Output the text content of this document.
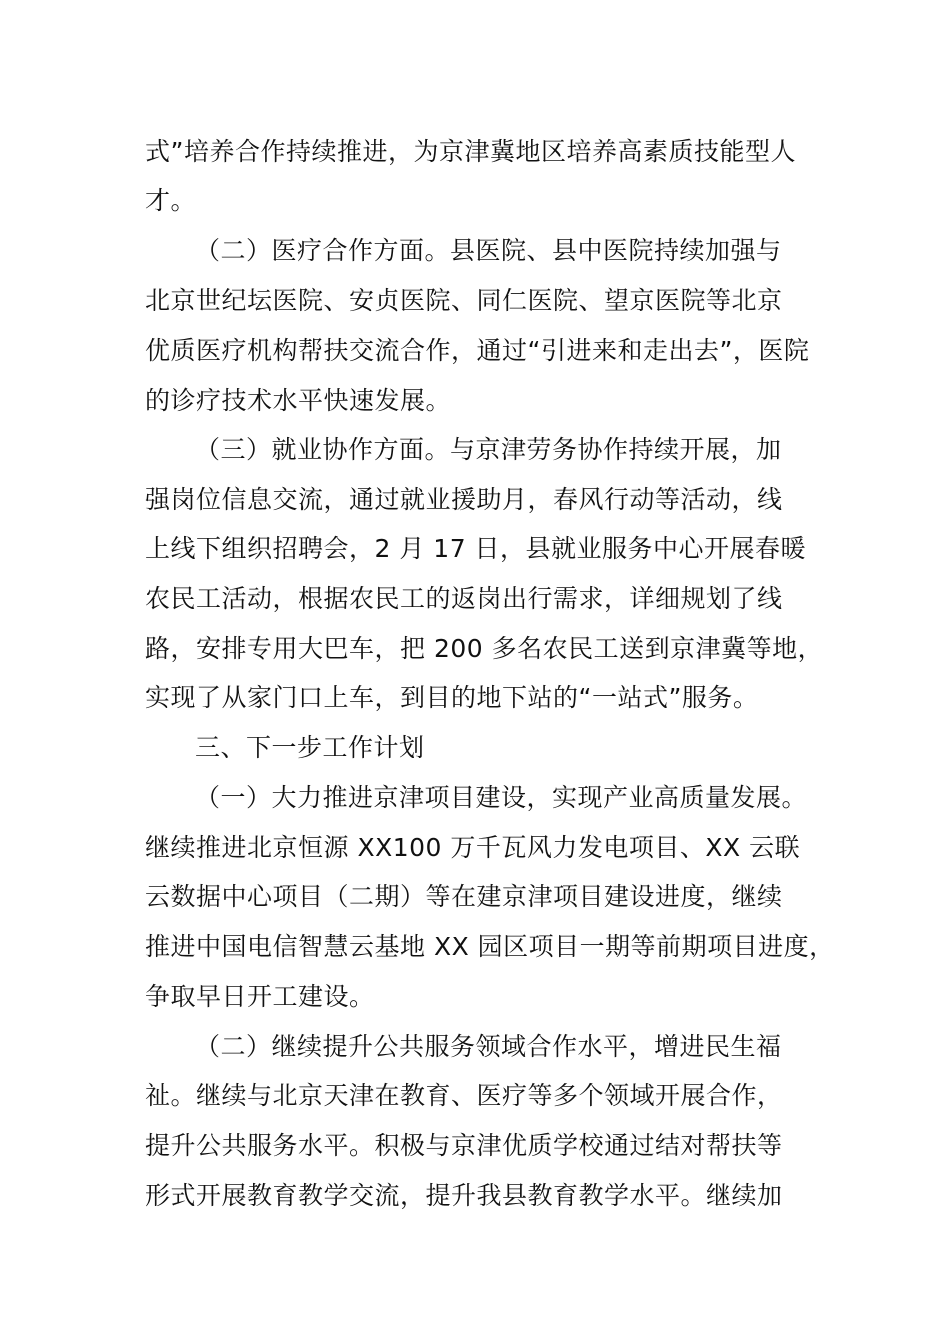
式”培养合作持续推进，为京津冀地区培养高素质技能型人
才。
（二）医疗合作方面。县医院、县中医院持续加强与
北京世纪坛医院、安贞医院、同仁医院、望京医院等北京
优质医疗机构帮扶交流合作，通过“引进来和走出去”，医院
的诊疗技术水平快速发展。
（三）就业协作方面。与京津劳务协作持续开展，加
强岗位信息交流，通过就业援助月，春风行动等活动，线
上线下组织招聘会，2 月 17 日，县就业服务中心开展春暖
农民工活动，根据农民工的返岗出行需求，详细规划了线
路，安排专用大巴车，把 200 多名农民工送到京津冀等地，
实现了从家门口上车，到目的地下站的“一站式”服务。
三、下一步工作计划
（一）大力推进京津项目建设，实现产业高质量发展。
继续推进北京恒源 XX100 万千瓦风力发电项目、XX 云联
云数据中心项目（二期）等在建京津项目建设进度，继续
推进中国电信智慧云基地 XX 园区项目一期等前期项目进度，
争取早日开工建设。
（二）继续提升公共服务领域合作水平，增进民生福
祉。继续与北京天津在教育、医疗等多个领域开展合作，
提升公共服务水平。积极与京津优质学校通过结对帮扶等
形式开展教育教学交流，提升我县教育教学水平。继续加
